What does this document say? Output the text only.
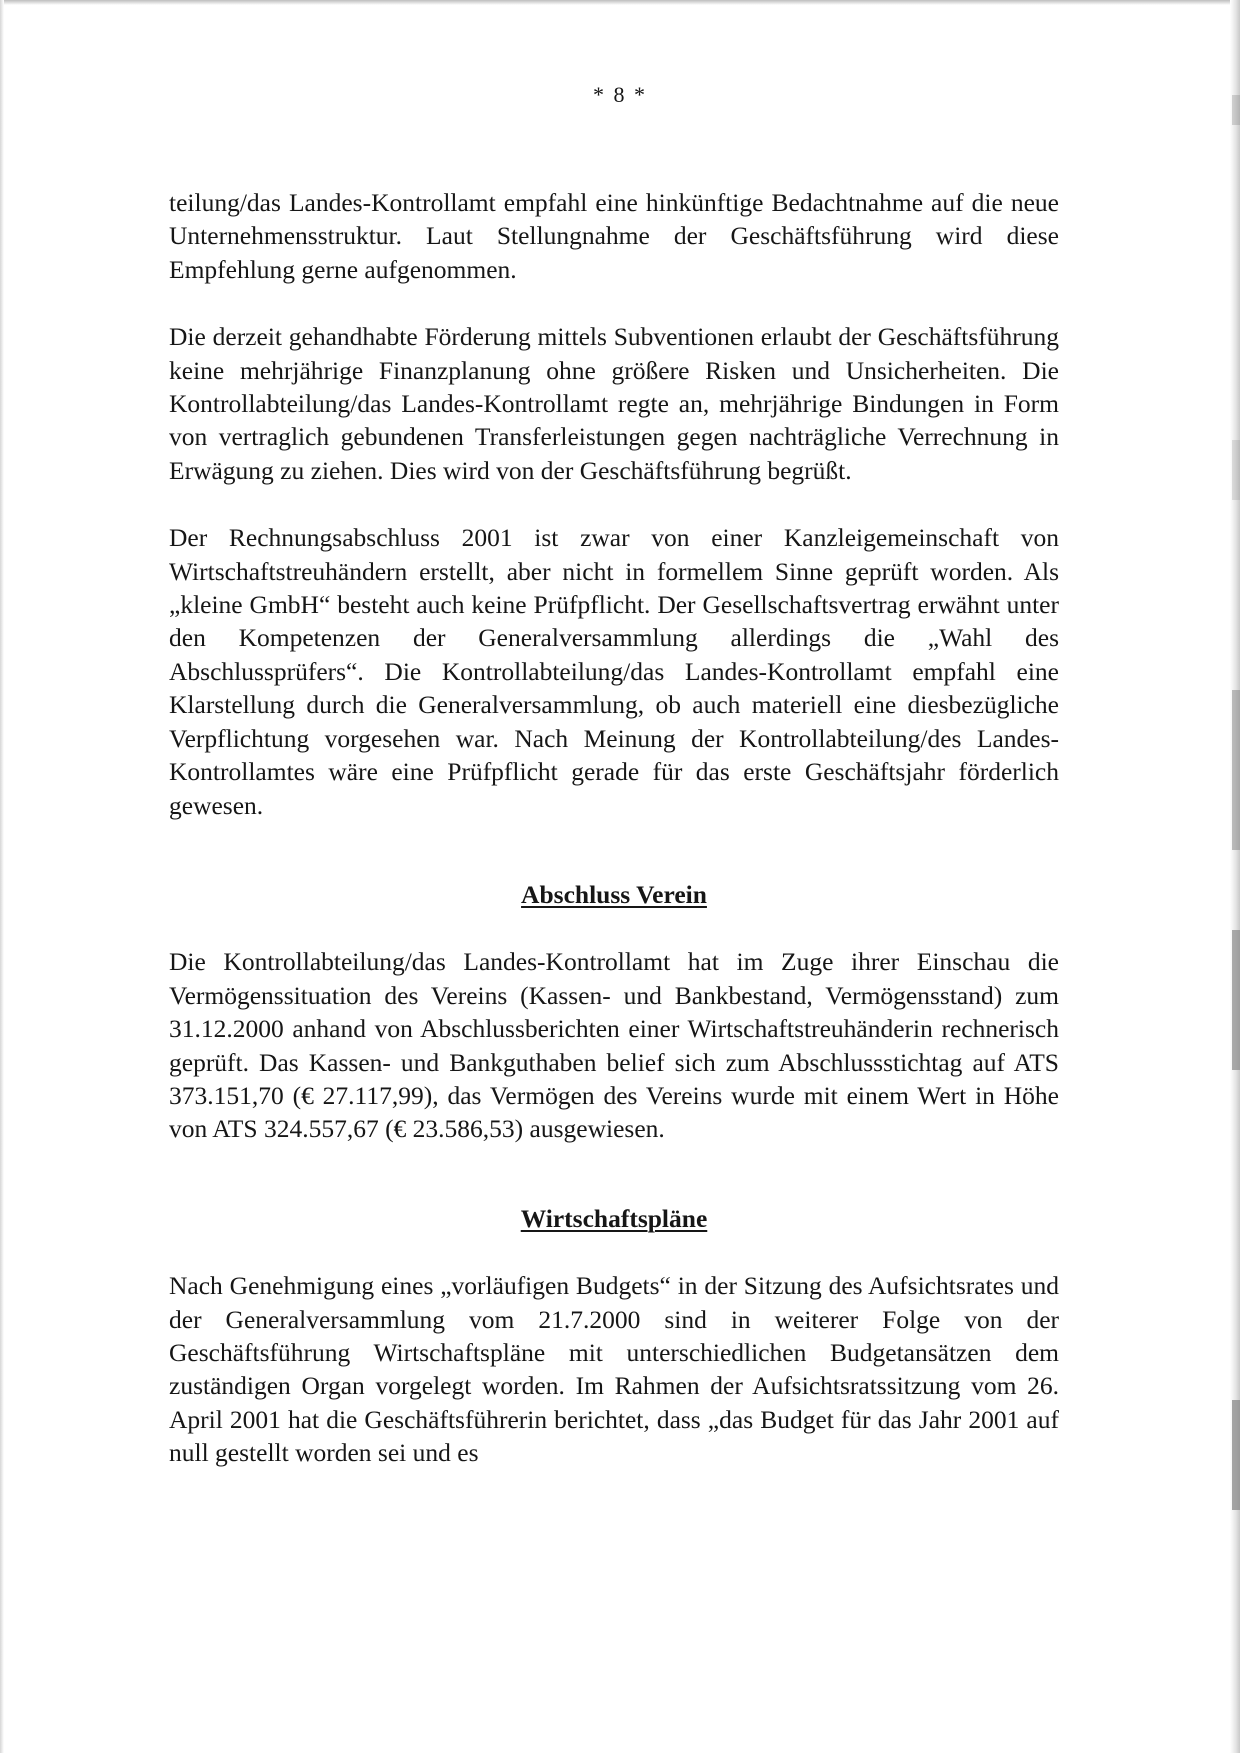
* 8 *

teilung/das Landes-Kontrollamt empfahl eine hinkünftige Bedachtnahme auf die neue Unternehmensstruktur. Laut Stellungnahme der Geschäftsführung wird diese Empfehlung gerne aufgenommen.

Die derzeit gehandhabte Förderung mittels Subventionen erlaubt der Geschäftsführung keine mehrjährige Finanzplanung ohne größere Risken und Unsicherheiten. Die Kontrollabteilung/das Landes-Kontrollamt regte an, mehrjährige Bindungen in Form von vertraglich gebundenen Transferleistungen gegen nachträgliche Verrechnung in Erwägung zu ziehen. Dies wird von der Geschäftsführung begrüßt.

Der Rechnungsabschluss 2001 ist zwar von einer Kanzleigemeinschaft von Wirtschaftstreuhändern erstellt, aber nicht in formellem Sinne geprüft worden. Als „kleine GmbH“ besteht auch keine Prüfpflicht. Der Gesellschaftsvertrag erwähnt unter den Kompetenzen der Generalversammlung allerdings die „Wahl des Abschlussprüfers“. Die Kontrollabteilung/das Landes-Kontrollamt empfahl eine Klarstellung durch die Generalversammlung, ob auch materiell eine diesbezügliche Verpflichtung vorgesehen war. Nach Meinung der Kontrollabteilung/des Landes-Kontrollamtes wäre eine Prüfpflicht gerade für das erste Geschäftsjahr förderlich gewesen.

Abschluss Verein

Die Kontrollabteilung/das Landes-Kontrollamt hat im Zuge ihrer Einschau die Vermögenssituation des Vereins (Kassen- und Bankbestand, Vermögensstand) zum 31.12.2000 anhand von Abschlussberichten einer Wirtschaftstreuhänderin rechnerisch geprüft. Das Kassen- und Bankguthaben belief sich zum Abschlussstichtag auf ATS 373.151,70 (€ 27.117,99), das Vermögen des Vereins wurde mit einem Wert in Höhe von ATS 324.557,67 (€ 23.586,53) ausgewiesen.

Wirtschaftspläne

Nach Genehmigung eines „vorläufigen Budgets“ in der Sitzung des Aufsichtsrates und der Generalversammlung vom 21.7.2000 sind in weiterer Folge von der Geschäftsführung Wirtschaftspläne mit unterschiedlichen Budgetansätzen dem zuständigen Organ vorgelegt worden. Im Rahmen der Aufsichtsratssitzung vom 26. April 2001 hat die Geschäftsführerin berichtet, dass „das Budget für das Jahr 2001 auf null gestellt worden sei und es
